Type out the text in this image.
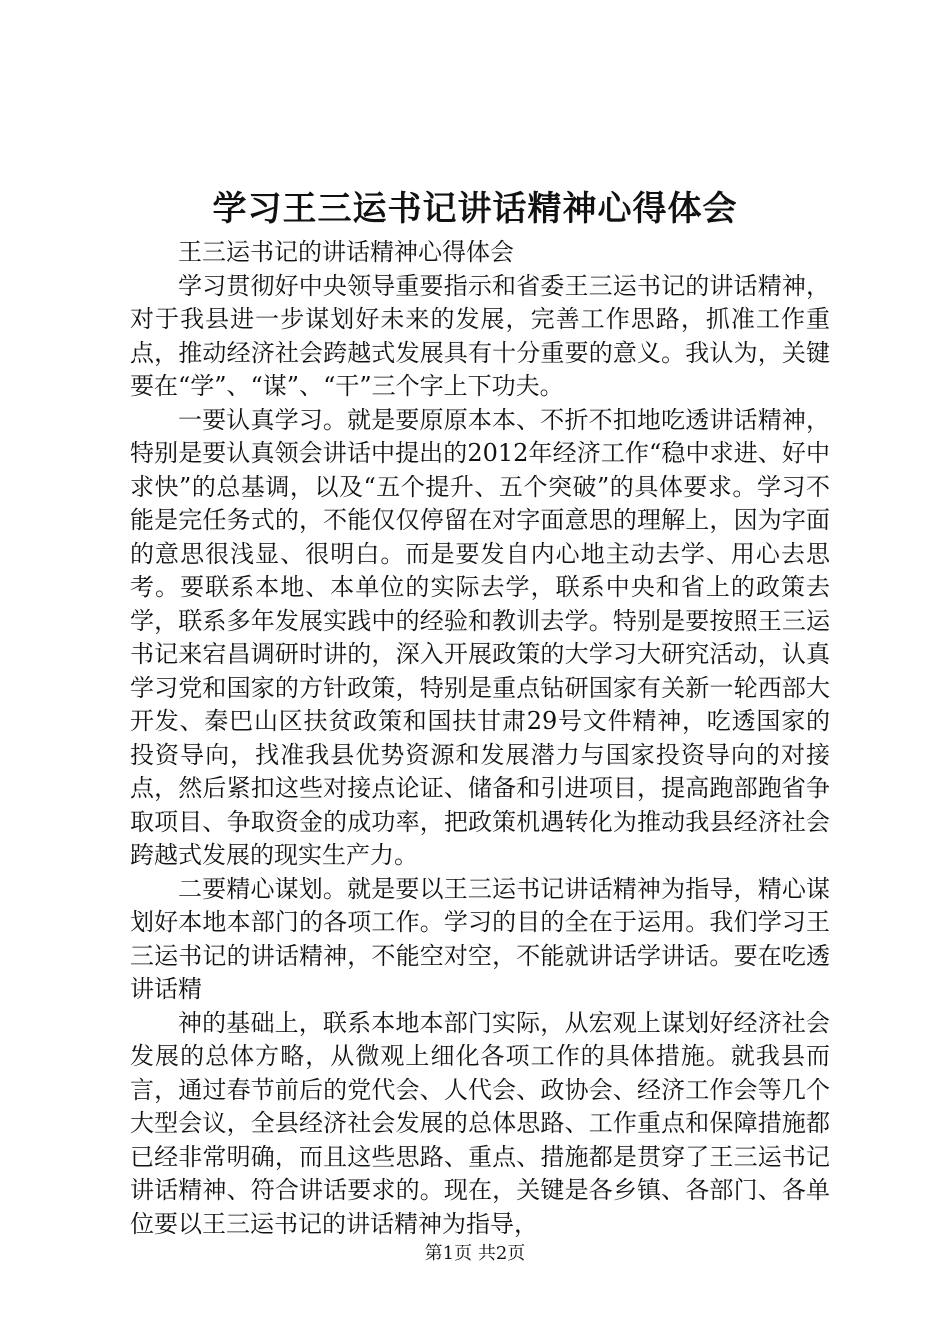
学习王三运书记讲话精神心得体会

王三运书记的讲话精神心得体会

学习贯彻好中央领导重要指示和省委王三运书记的讲话精神，对于我县进一步谋划好未来的发展，完善工作思路，抓准工作重点，推动经济社会跨越式发展具有十分重要的意义。我认为，关键要在“学”、“谋”、“干”三个字上下功夫。

一要认真学习。就是要原原本本、不折不扣地吃透讲话精神，特别是要认真领会讲话中提出的2012年经济工作“稳中求进、好中求快”的总基调，以及“五个提升、五个突破”的具体要求。学习不能是完任务式的，不能仅仅停留在对字面意思的理解上，因为字面的意思很浅显、很明白。而是要发自内心地主动去学、用心去思考。要联系本地、本单位的实际去学，联系中央和省上的政策去学，联系多年发展实践中的经验和教训去学。特别是要按照王三运书记来宕昌调研时讲的，深入开展政策的大学习大研究活动，认真学习党和国家的方针政策，特别是重点钻研国家有关新一轮西部大开发、秦巴山区扶贫政策和国扶甘肃29号文件精神，吃透国家的投资导向，找准我县优势资源和发展潜力与国家投资导向的对接点，然后紧扣这些对接点论证、储备和引进项目，提高跑部跑省争取项目、争取资金的成功率，把政策机遇转化为推动我县经济社会跨越式发展的现实生产力。

二要精心谋划。就是要以王三运书记讲话精神为指导，精心谋划好本地本部门的各项工作。学习的目的全在于运用。我们学习王三运书记的讲话精神，不能空对空，不能就讲话学讲话。要在吃透讲话精

神的基础上，联系本地本部门实际，从宏观上谋划好经济社会发展的总体方略，从微观上细化各项工作的具体措施。就我县而言，通过春节前后的党代会、人代会、政协会、经济工作会等几个大型会议，全县经济社会发展的总体思路、工作重点和保障措施都已经非常明确，而且这些思路、重点、措施都是贯穿了王三运书记讲话精神、符合讲话要求的。现在，关键是各乡镇、各部门、各单位要以王三运书记的讲话精神为指导，

第1页 共2页
